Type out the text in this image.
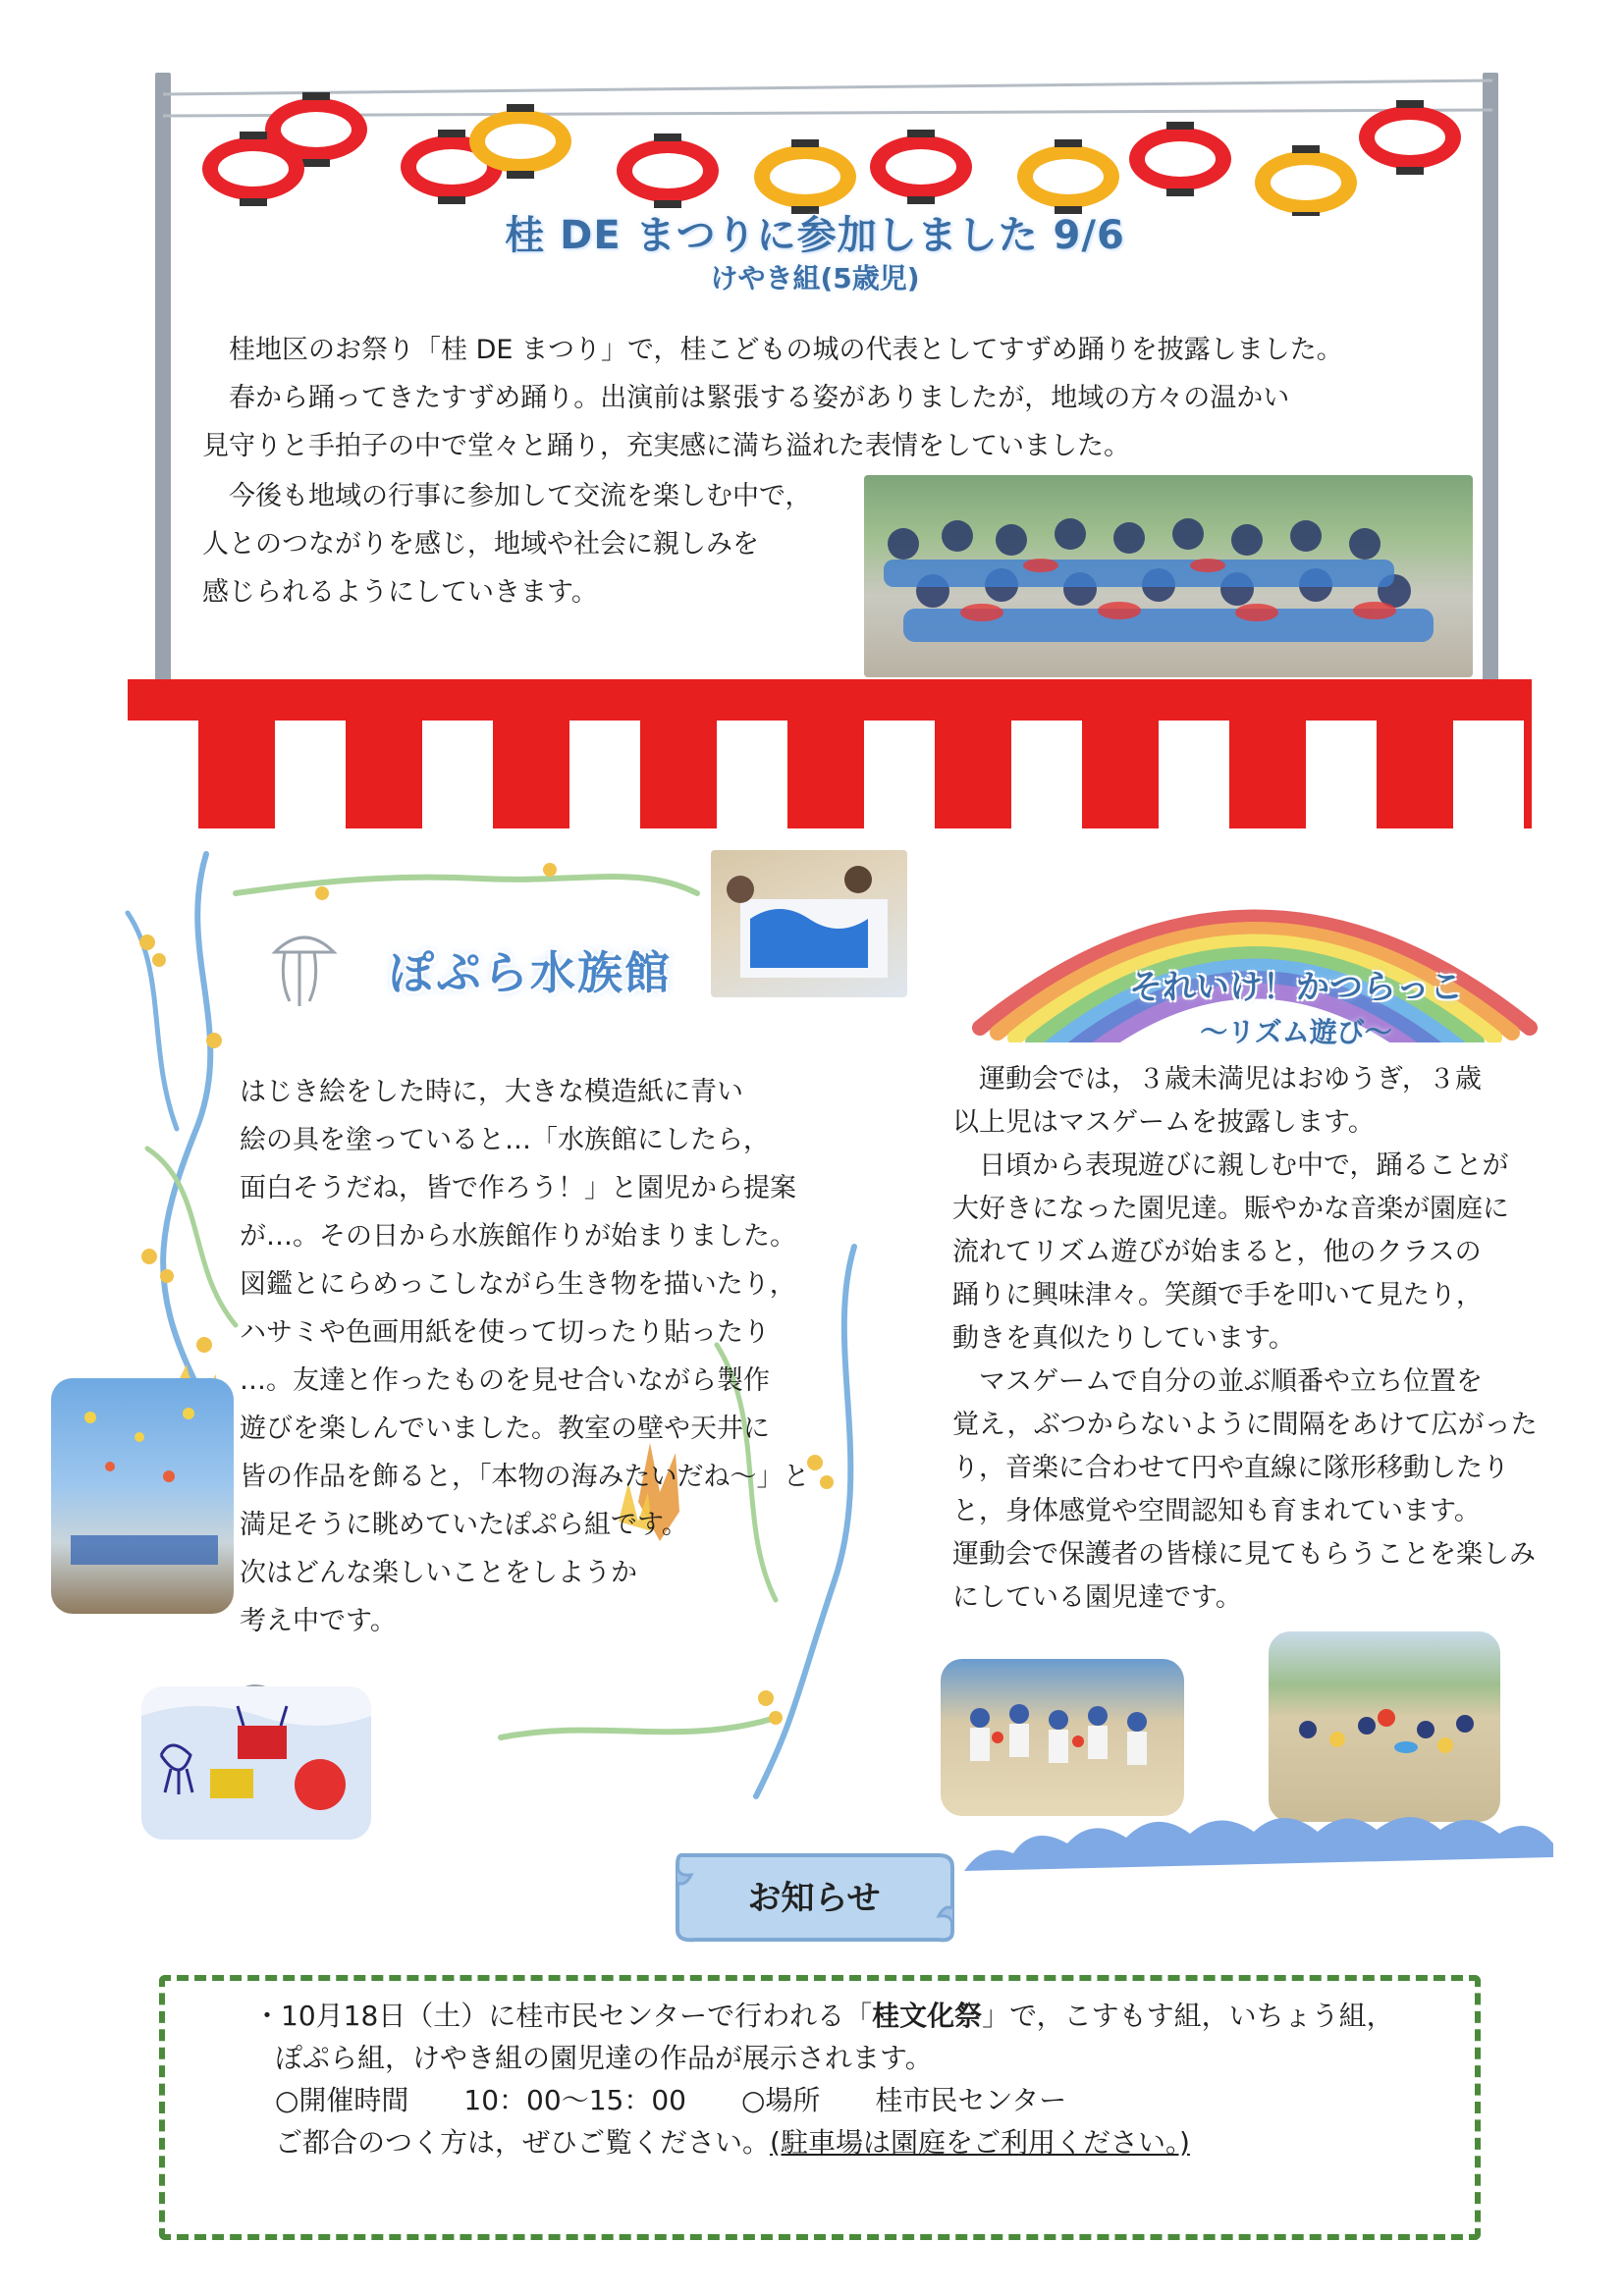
桂 DE まつりに参加しました 9/6
けやき組(5歳児)
　桂地区のお祭り「桂 DE まつり」で，桂こどもの城の代表としてすずめ踊りを披露しました。
　春から踊ってきたすずめ踊り。出演前は緊張する姿がありましたが，地域の方々の温かい
見守りと手拍子の中で堂々と踊り，充実感に満ち溢れた表情をしていました。
　今後も地域の行事に参加して交流を楽しむ中で，
人とのつながりを感じ，地域や社会に親しみを
感じられるようにしていきます。
ぽぷら水族館
はじき絵をした時に，大きな模造紙に青い
絵の具を塗っていると…「水族館にしたら，
面白そうだね，皆で作ろう！」と園児から提案
が…。その日から水族館作りが始まりました。
図鑑とにらめっこしながら生き物を描いたり，
ハサミや色画用紙を使って切ったり貼ったり
…。友達と作ったものを見せ合いながら製作
遊びを楽しんでいました。教室の壁や天井に
皆の作品を飾ると，「本物の海みたいだね～」と
満足そうに眺めていたぽぷら組です。
次はどんな楽しいことをしようか
考え中です。
それいけ！かつらっこ
～リズム遊び～
　運動会では，３歳未満児はおゆうぎ，３歳
以上児はマスゲームを披露します。
　日頃から表現遊びに親しむ中で，踊ることが
大好きになった園児達。賑やかな音楽が園庭に
流れてリズム遊びが始まると，他のクラスの
踊りに興味津々。笑顔で手を叩いて見たり，
動きを真似たりしています。
　マスゲームで自分の並ぶ順番や立ち位置を
覚え，ぶつからないように間隔をあけて広がった
り，音楽に合わせて円や直線に隊形移動したり
と，身体感覚や空間認知も育まれています。
運動会で保護者の皆様に見てもらうことを楽しみ
にしている園児達です。
お知らせ
・10月18日（土）に桂市民センターで行われる「桂文化祭」で，こすもす組，いちょう組，
ぽぷら組，けやき組の園児達の作品が展示されます。
○開催時間　　10：00～15：00　　○場所　　桂市民センター
ご都合のつく方は，ぜひご覧ください。(駐車場は園庭をご利用ください。)
